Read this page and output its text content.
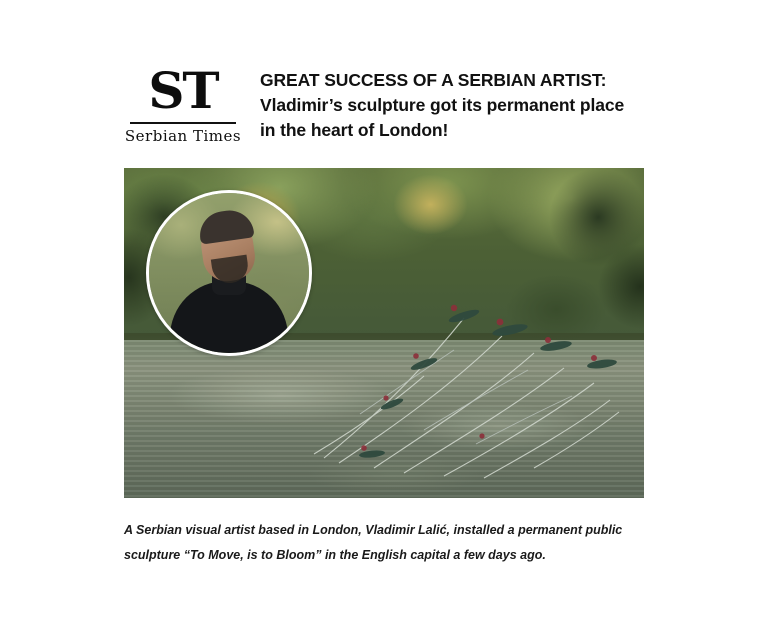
ST
Serbian Times
GREAT SUCCESS OF A SERBIAN ARTIST:
Vladimir’s sculpture got its permanent place
in the heart of London!
A Serbian visual artist based in London, Vladimir Lalić, installed a permanent public
sculpture “To Move, is to Bloom” in the English capital a few days ago.
